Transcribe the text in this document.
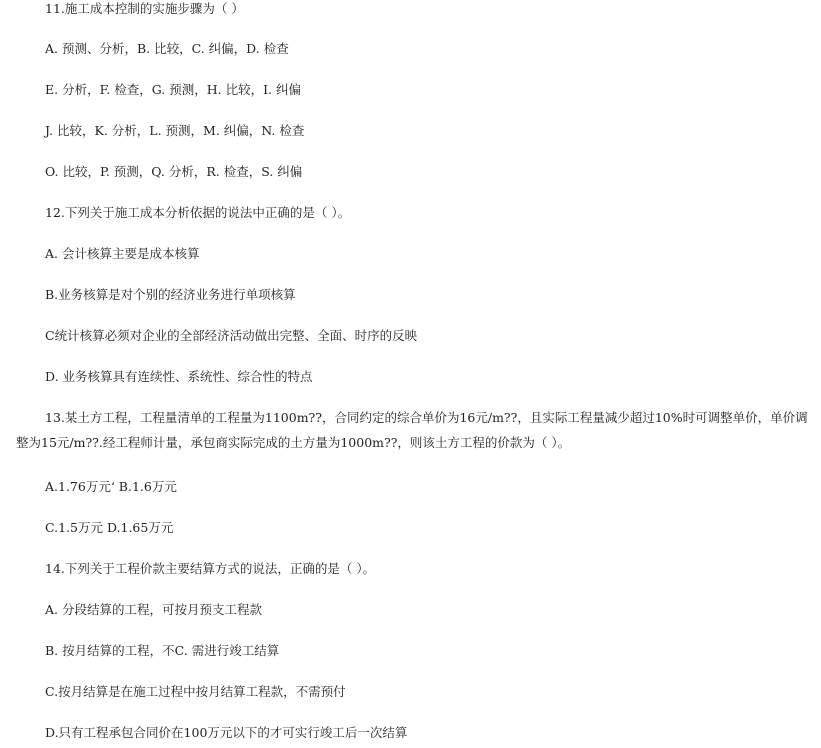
11.施工成本控制的实施步骤为（ ）
A. 预测、分析，B. 比较，C. 纠偏，D. 检查
E. 分析，F. 检查，G. 预测，H. 比较，I. 纠偏
J. 比较，K. 分析，L. 预测，M. 纠偏，N. 检查
O. 比较，P. 预测，Q. 分析，R. 检查，S. 纠偏
12.下列关于施工成本分析依据的说法中正确的是（ ）。
A. 会计核算主要是成本核算
B.业务核算是对个别的经济业务进行单项核算
C统计核算必须对企业的全部经济活动做出完整、全面、时序的反映
D. 业务核算具有连续性、系统性、综合性的特点
13.某土方工程，工程量清单的工程量为1100m??，合同约定的综合单价为16元/m??，且实际工程量减少超过10%时可调整单价，单价调整为15元/m??.经工程师计量，承包商实际完成的土方量为1000m??，则该土方工程的价款为（ ）。
A.1.76万元‘ B.1.6万元
C.1.5万元 D.1.65万元
14.下列关于工程价款主要结算方式的说法，正确的是（ ）。
A. 分段结算的工程，可按月预支工程款
B. 按月结算的工程，不C. 需进行竣工结算
C.按月结算是在施工过程中按月结算工程款，不需预付
D.只有工程承包合同价在100万元以下的才可实行竣工后一次结算
